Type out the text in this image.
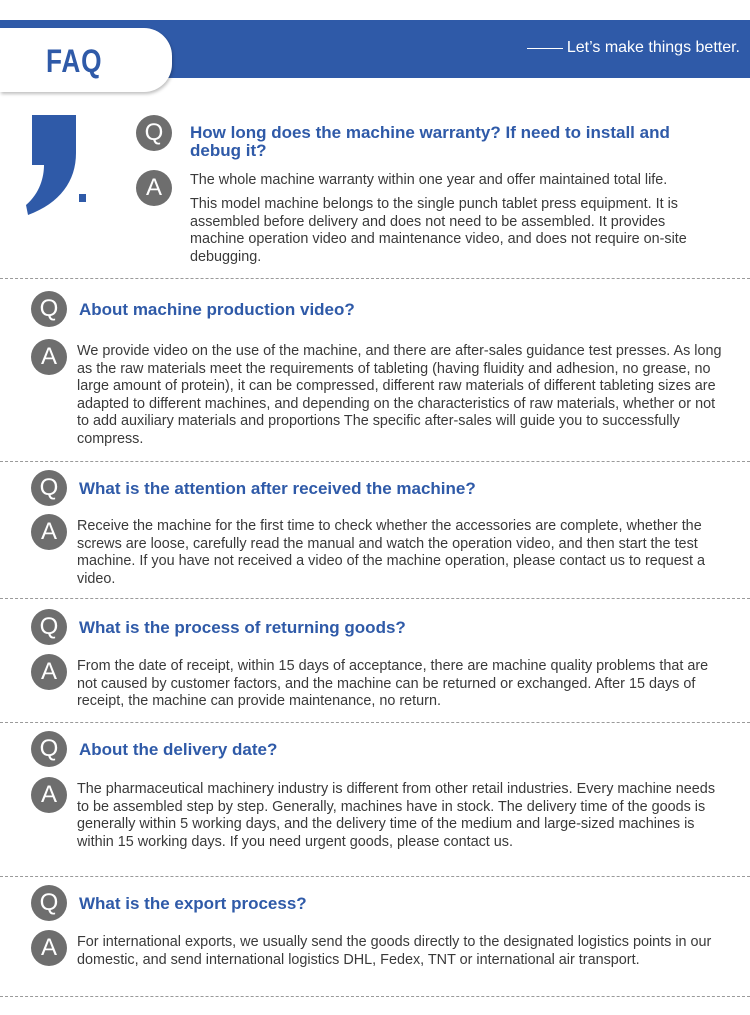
Let’s make things better.
FAQ
Q	How long does the machine warranty? If need to install and debug it?
A	The whole machine warranty within one year and offer maintained total life.
This model machine belongs to the single punch tablet press equipment. It is assembled before delivery and does not need to be assembled. It provides machine operation video and maintenance video, and does not require on-site debugging.
Q	About machine production video?
A	We provide video on the use of the machine, and there are after-sales guidance test presses. As long as the raw materials meet the requirements of tableting (having fluidity and adhesion, no grease, no large amount of protein), it can be compressed, different raw materials of different tableting sizes are adapted to different machines, and depending on the characteristics of raw materials, whether or not to add auxiliary materials and proportions The specific after-sales will guide you to successfully compress.
Q	What is the attention after received the machine?
A	Receive the machine for the first time to check whether the accessories are complete, whether the screws are loose, carefully read the manual and watch the operation video, and then start the test machine. If you have not received a video of the machine operation, please contact us to request a video.
Q	What is the process of returning goods?
A	From the date of receipt, within 15 days of acceptance, there are machine quality problems that are not caused by customer factors, and the machine can be returned or exchanged. After 15 days of receipt, the machine can provide maintenance, no return.
Q	About the delivery date?
A	The pharmaceutical machinery industry is different from other retail industries. Every machine needs to be assembled step by step. Generally, machines have in stock. The delivery time of the goods is generally within 5 working days, and the delivery time of the medium and large-sized machines is within 15 working days. If you need urgent goods, please contact us.
Q	What is the export process?
A	For international exports, we usually send the goods directly to the designated logistics points in our domestic, and send international logistics DHL, Fedex, TNT or international air transport.
